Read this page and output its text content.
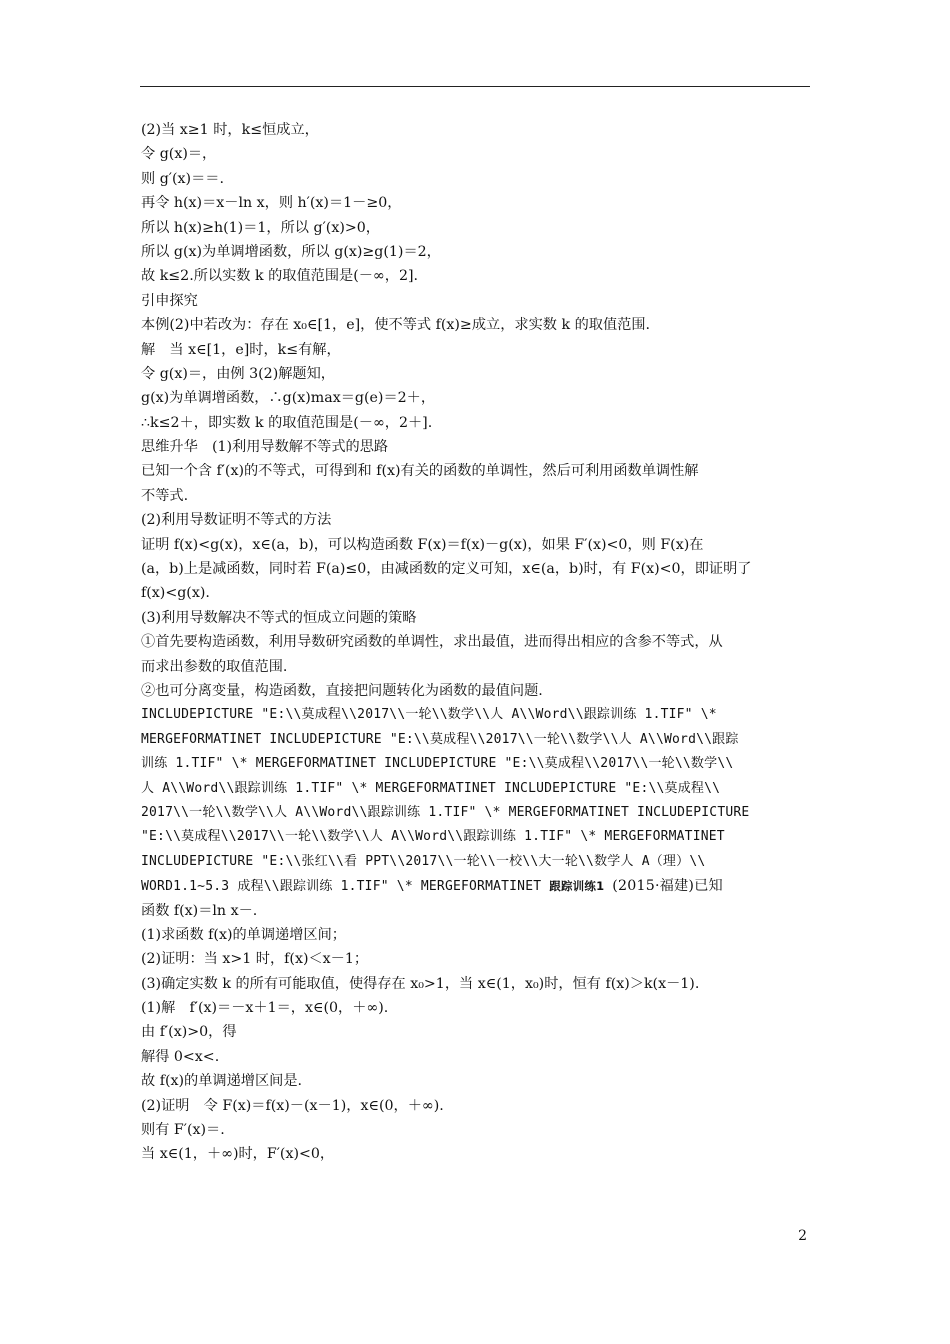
(2)当 x≥1 时，k≤恒成立，
令 g(x)＝，
则 g′(x)＝＝.
再令 h(x)＝x－ln x，则 h′(x)＝1－≥0，
所以 h(x)≥h(1)＝1，所以 g′(x)>0，
所以 g(x)为单调增函数，所以 g(x)≥g(1)＝2，
故 k≤2.所以实数 k 的取值范围是(－∞，2].
引申探究
本例(2)中若改为：存在 x₀∈[1，e]，使不等式 f(x)≥成立，求实数 k 的取值范围.
解　当 x∈[1，e]时，k≤有解，
令 g(x)＝，由例 3(2)解题知，
g(x)为单调增函数，∴g(x)max＝g(e)＝2＋，
∴k≤2＋，即实数 k 的取值范围是(－∞，2＋].
思维升华　(1)利用导数解不等式的思路
已知一个含 f′(x)的不等式，可得到和 f(x)有关的函数的单调性，然后可利用函数单调性解
不等式.
(2)利用导数证明不等式的方法
证明 f(x)<g(x)，x∈(a，b)，可以构造函数 F(x)＝f(x)－g(x)，如果 F′(x)<0，则 F(x)在
(a，b)上是减函数，同时若 F(a)≤0，由减函数的定义可知，x∈(a，b)时，有 F(x)<0，即证明了
f(x)<g(x).
(3)利用导数解决不等式的恒成立问题的策略
①首先要构造函数，利用导数研究函数的单调性，求出最值，进而得出相应的含参不等式，从
而求出参数的取值范围.
②也可分离变量，构造函数，直接把问题转化为函数的最值问题.
INCLUDEPICTURE "E:\\莫成程\\2017\\一轮\\数学\\人 A\\Word\\跟踪训练 1.TIF" \*
MERGEFORMATINET INCLUDEPICTURE "E:\\莫成程\\2017\\一轮\\数学\\人 A\\Word\\跟踪
训练 1.TIF" \* MERGEFORMATINET INCLUDEPICTURE "E:\\莫成程\\2017\\一轮\\数学\\
人 A\\Word\\跟踪训练 1.TIF" \* MERGEFORMATINET INCLUDEPICTURE "E:\\莫成程\\
2017\\一轮\\数学\\人 A\\Word\\跟踪训练 1.TIF" \* MERGEFORMATINET INCLUDEPICTURE
"E:\\莫成程\\2017\\一轮\\数学\\人 A\\Word\\跟踪训练 1.TIF" \* MERGEFORMATINET
INCLUDEPICTURE "E:\\张红\\看 PPT\\2017\\一轮\\一校\\大一轮\\数学人 A（理）\\
WORD1.1~5.3 成程\\跟踪训练 1.TIF" \* MERGEFORMATINET 跟踪训练1 (2015·福建)已知
函数 f(x)＝ln x－.
(1)求函数 f(x)的单调递增区间；
(2)证明：当 x>1 时，f(x)＜x－1；
(3)确定实数 k 的所有可能取值，使得存在 x₀>1，当 x∈(1，x₀)时，恒有 f(x)＞k(x－1).
(1)解　f′(x)＝－x＋1＝，x∈(0，＋∞).
由 f′(x)>0，得
解得 0<x<.
故 f(x)的单调递增区间是.
(2)证明　令 F(x)＝f(x)－(x－1)，x∈(0，＋∞).
则有 F′(x)＝.
当 x∈(1，＋∞)时，F′(x)<0，
2
